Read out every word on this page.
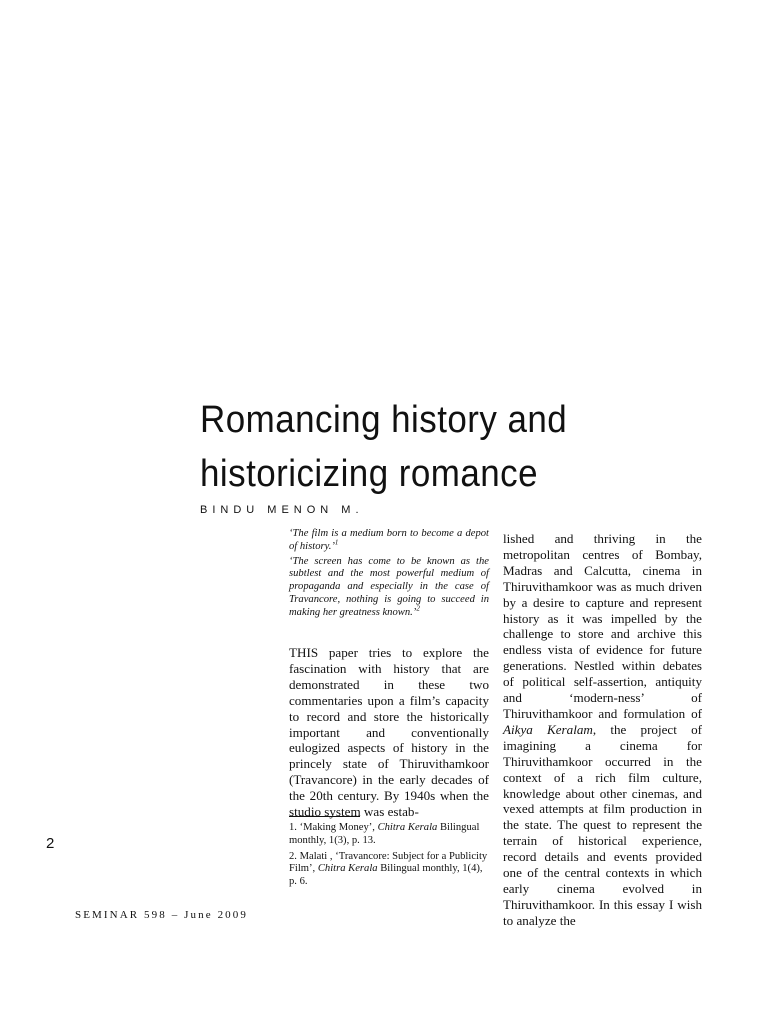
Romancing history and
historicizing romance

BINDU MENON M.

‘The film is a medium born to become a depot of history.’$^1$

‘The screen has come to be known as the subtlest and the most powerful medium of propaganda and especially in the case of Travancore, nothing is going to succeed in making her greatness known.’$^2$

THIS paper tries to explore the fascination with history that are demonstrated in these two commentaries upon a film’s capacity to record and store the historically important and conventionally eulogized aspects of history in the princely state of Thiruvithamkoor (Travancore) in the early decades of the 20th century. By 1940s when the studio system was estab-

lished and thriving in the metropolitan centres of Bombay, Madras and Calcutta, cinema in Thiruvithamkoor was as much driven by a desire to capture and represent history as it was impelled by the challenge to store and archive this endless vista of evidence for future generations. Nestled within debates of political self-assertion, antiquity and ‘modern-ness’ of Thiruvithamkoor and formulation of Aikya Keralam, the project of imagining a cinema for Thiruvithamkoor occurred in the context of a rich film culture, knowledge about other cinemas, and vexed attempts at film production in the state. The quest to represent the terrain of historical experience, record details and events provided one of the central contexts in which early cinema evolved in Thiruvithamkoor. In this essay I wish to analyze the

1. ‘Making Money’, Chitra Kerala Bilingual monthly, 1(3), p. 13.

2. Malati , ‘Travancore: Subject for a Publicity Film’, Chitra Kerala Bilingual monthly, 1(4), p. 6.

2
SEMINAR 598 – June 2009
